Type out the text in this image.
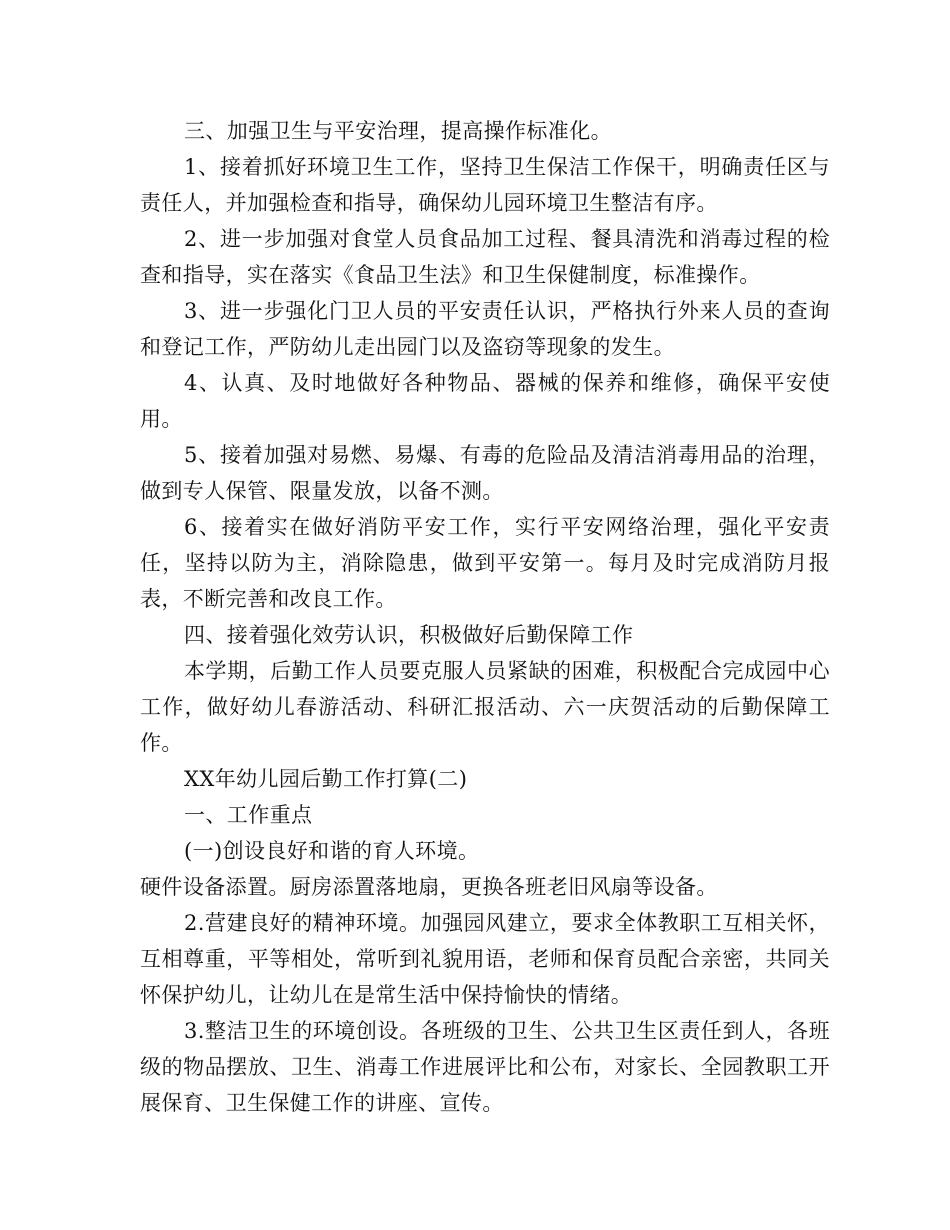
三、加强卫生与平安治理，提高操作标准化。

1、接着抓好环境卫生工作，坚持卫生保洁工作保干，明确责任区与责任人，并加强检查和指导，确保幼儿园环境卫生整洁有序。

2、进一步加强对食堂人员食品加工过程、餐具清洗和消毒过程的检查和指导，实在落实《食品卫生法》和卫生保健制度，标准操作。

3、进一步强化门卫人员的平安责任认识，严格执行外来人员的查询和登记工作，严防幼儿走出园门以及盗窃等现象的发生。

4、认真、及时地做好各种物品、器械的保养和维修，确保平安使用。

5、接着加强对易燃、易爆、有毒的危险品及清洁消毒用品的治理，做到专人保管、限量发放，以备不测。

6、接着实在做好消防平安工作，实行平安网络治理，强化平安责任，坚持以防为主，消除隐患，做到平安第一。每月及时完成消防月报表，不断完善和改良工作。

四、接着强化效劳认识，积极做好后勤保障工作

本学期，后勤工作人员要克服人员紧缺的困难，积极配合完成园中心工作，做好幼儿春游活动、科研汇报活动、六一庆贺活动的后勤保障工作。

XX年幼儿园后勤工作打算(二)

一、工作重点

(一)创设良好和谐的育人环境。

硬件设备添置。厨房添置落地扇，更换各班老旧风扇等设备。

2.营建良好的精神环境。加强园风建立，要求全体教职工互相关怀，互相尊重，平等相处，常听到礼貌用语，老师和保育员配合亲密，共同关怀保护幼儿，让幼儿在是常生活中保持愉快的情绪。

3.整洁卫生的环境创设。各班级的卫生、公共卫生区责任到人，各班级的物品摆放、卫生、消毒工作进展评比和公布，对家长、全园教职工开展保育、卫生保健工作的讲座、宣传。
